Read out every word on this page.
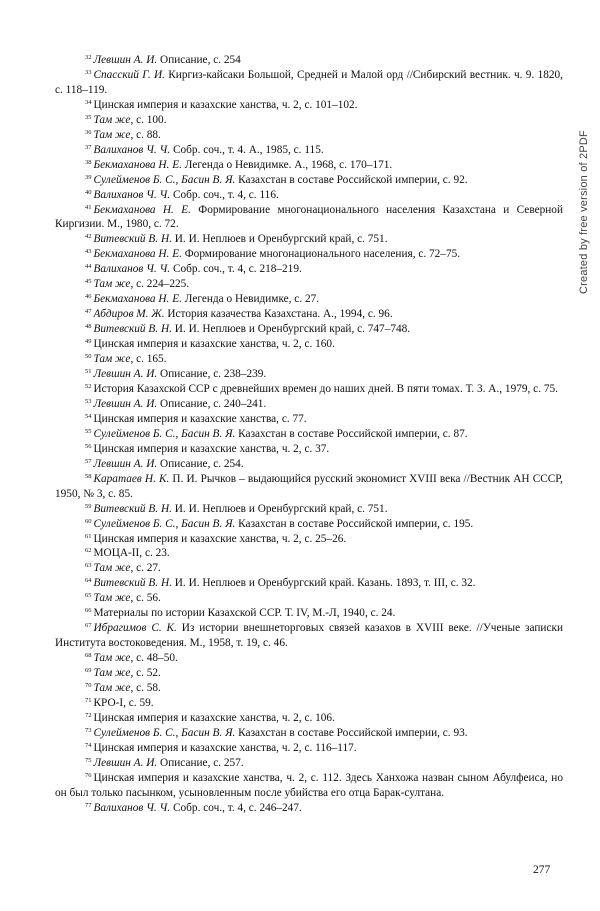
$^{32}$ Левшин А. И. Описание, с. 254

$^{33}$ Спасский Г. И. Киргиз-кайсаки Большой, Средней и Малой орд //Сибирский вестник. ч. 9. 1820, с. 118–119.

$^{34}$ Цинская империя и казахские ханства, ч. 2, с. 101–102.

$^{35}$ Там же, с. 100.

$^{36}$ Там же, с. 88.

$^{37}$ Валиханов Ч. Ч. Собр. соч., т. 4. А., 1985, с. 115.

$^{38}$ Бекмаханова Н. Е. Легенда о Невидимке. А., 1968, с. 170–171.

$^{39}$ Сулейменов Б. С., Басин В. Я. Казахстан в составе Российской империи, с. 92.

$^{40}$ Валиханов Ч. Ч. Собр. соч., т. 4, с. 116.

$^{41}$ Бекмаханова Н. Е. Формирование многонационального населения Казахстана и Северной Киргизии. М., 1980, с. 72.

$^{42}$ Витевский В. Н. И. И. Неплюев и Оренбургский край, с. 751.

$^{43}$ Бекмаханова Н. Е. Формирование многонационального населения, с. 72–75.

$^{44}$ Валиханов Ч. Ч. Собр. соч., т. 4, с. 218–219.

$^{45}$ Там же, с. 224–225.

$^{46}$ Бекмаханова Н. Е. Легенда о Невидимке, с. 27.

$^{47}$ Абдиров М. Ж. История казачества Казахстана. А., 1994, с. 96.

$^{48}$ Витевский В. Н. И. И. Неплюев и Оренбургский край, с. 747–748.

$^{49}$ Цинская империя и казахские ханства, ч. 2, с. 160.

$^{50}$ Там же, с. 165.

$^{51}$ Левшин А. И. Описание, с. 238–239.

$^{52}$ История Казахской ССР с древнейших времен до наших дней. В пяти томах. Т. 3. А., 1979, с. 75.

$^{53}$ Левшин А. И. Описание, с. 240–241.

$^{54}$ Цинская империя и казахские ханства, с. 77.

$^{55}$ Сулейменов Б. С., Басин В. Я. Казахстан в составе Российской империи, с. 87.

$^{56}$ Цинская империя и казахские ханства, ч. 2, с. 37.

$^{57}$ Левшин А. И. Описание, с. 254.

$^{58}$ Каратаев Н. К. П. И. Рычков – выдающийся русский экономист XVIII века //Вестник АН СССР, 1950, № 3, с. 85.

$^{59}$ Витевский В. Н. И. И. Неплюев и Оренбургский край, с. 751.

$^{60}$ Сулейменов Б. С., Басин В. Я. Казахстан в составе Российской империи, с. 195.

$^{61}$ Цинская империя и казахские ханства, ч. 2, с. 25–26.

$^{62}$ МОЦА-II, с. 23.

$^{63}$ Там же, с. 27.

$^{64}$ Витевский В. Н. И. И. Неплюев и Оренбургский край. Казань. 1893, т. III, с. 32.

$^{65}$ Там же, с. 56.

$^{66}$ Материалы по истории Казахской ССР. Т. IV, М.-Л, 1940, с. 24.

$^{67}$ Ибрагимов С. К. Из истории внешнеторговых связей казахов в XVIII веке. //Ученые записки Института востоковедения. М., 1958, т. 19, с. 46.

$^{68}$ Там же, с. 48–50.

$^{69}$ Там же, с. 52.

$^{70}$ Там же, с. 58.

$^{71}$ КРО-I, с. 59.

$^{72}$ Цинская империя и казахские ханства, ч. 2, с. 106.

$^{73}$ Сулейменов Б. С., Басин В. Я. Казахстан в составе Российской империи, с. 93.

$^{74}$ Цинская империя и казахские ханства, ч. 2, с. 116–117.

$^{75}$ Левшин А. И. Описание, с. 257.

$^{76}$ Цинская империя и казахские ханства, ч. 2, с. 112. Здесь Ханхожа назван сыном Абулфеиса, но он был только пасынком, усыновленным после убийства его отца Барак-султана.

$^{77}$ Валиханов Ч. Ч. Собр. соч., т. 4, с. 246–247.

Created by free version of 2PDF
277
